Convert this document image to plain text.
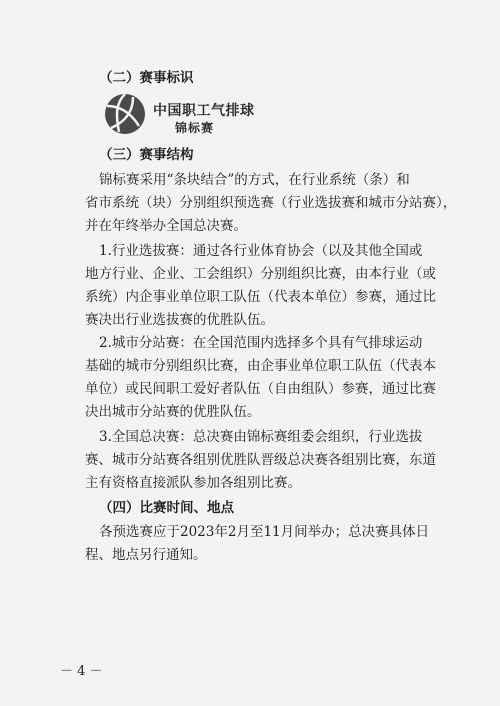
（二）赛事标识
中国职工气排球
锦标赛
（三）赛事结构
锦标赛采用“条块结合”的方式，在行业系统（条）和
省市系统（块）分别组织预选赛（行业选拔赛和城市分站赛），
并在年终举办全国总决赛。
1.行业选拔赛：通过各行业体育协会（以及其他全国或
地方行业、企业、工会组织）分别组织比赛，由本行业（或
系统）内企事业单位职工队伍（代表本单位）参赛，通过比
赛决出行业选拔赛的优胜队伍。
2.城市分站赛：在全国范围内选择多个具有气排球运动
基础的城市分别组织比赛，由企事业单位职工队伍（代表本
单位）或民间职工爱好者队伍（自由组队）参赛，通过比赛
决出城市分站赛的优胜队伍。
3.全国总决赛：总决赛由锦标赛组委会组织，行业选拔
赛、城市分站赛各组别优胜队晋级总决赛各组别比赛，东道
主有资格直接派队参加各组别比赛。
（四）比赛时间、地点
各预选赛应于2023年2月至11月间举办；总决赛具体日
程、地点另行通知。
－ 4 －
